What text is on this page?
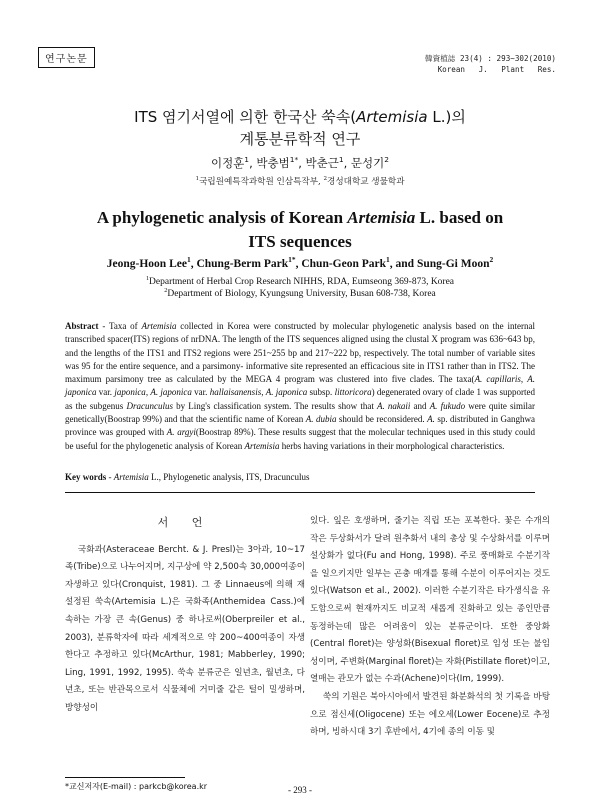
연구논문	韓資植誌 23(4) : 293~302(2010)
Korean J. Plant Res.
ITS 염기서열에 의한 한국산 쑥속(Artemisia L.)의
계통분류학적 연구
이정훈$^1$, 박충범$^{1*}$, 박춘근$^1$, 문성기$^2$
$^1$국립원예특작과학원 인삼특작부, $^2$경성대학교 생물학과
A phylogenetic analysis of Korean Artemisia L. based on
ITS sequences
Jeong-Hoon Lee$^1$, Chung-Berm Park$^{1*}$, Chun-Geon Park$^1$, and Sung-Gi Moon$^2$
$^1$Department of Herbal Crop Research NIHHS, RDA, Eumseong 369-873, Korea
$^2$Department of Biology, Kyungsung University, Busan 608-738, Korea
Abstract - Taxa of Artemisia collected in Korea were constructed by molecular phylogenetic analysis based on the internal transcribed spacer(ITS) regions of nrDNA. The length of the ITS sequences aligned using the clustal X program was 636~643 bp, and the lengths of the ITS1 and ITS2 regions were 251~255 bp and 217~222 bp, respectively. The total number of variable sites was 95 for the entire sequence, and a parsimony- informative site represented an efficacious site in ITS1 rather than in ITS2. The maximum parsimony tree as calculated by the MEGA 4 program was clustered into five clades. The taxa(A. capillaris, A. japonica var. japonica, A. japonica var. hallaisanensis, A. japonica subsp. littoricora) degenerated ovary of clade 1 was supported as the subgenus Dracunculus by Ling's classification system. The results show that A. nakaii and A. fukudo were quite similar genetically(Boostrap 99%) and that the scientific name of Korean A. dubia should be reconsidered. A. sp. distributed in Ganghwa province was grouped with A. argyi(Boostrap 89%). These results suggest that the molecular techniques used in this study could be useful for the phylogenetic analysis of Korean Artemisia herbs having variations in their morphological characteristics.
Key words - Artemisia L., Phylogenetic analysis, ITS, Dracunculus
서 언

국화과(Asteraceae Bercht. & J. Presl)는 3아과, 10~17족(Tribe)으로 나누어지며, 지구상에 약 2,500속 30,000여종이 자생하고 있다(Cronquist, 1981). 그 중 Linnaeus에 의해 재설정된 쑥속(Artemisia L.)은 국화족(Anthemidea Cass.)에 속하는 가장 큰 속(Genus) 중 하나로써(Oberpreiler et al., 2003), 분류학자에 따라 세계적으로 약 200~400여종이 자생한다고 추정하고 있다(McArthur, 1981; Mabberley, 1990; Ling, 1991, 1992, 1995). 쑥속 분류군은 일년초, 월년초, 다년초, 또는 반관목으로서 식물체에 거미줄 같은 털이 밀생하며, 방향성이

있다. 잎은 호생하며, 줄기는 직립 또는 포복한다. 꽃은 수개의 작은 두상화서가 달려 원추화서 내의 총상 및 수상화서를 이루며 설상화가 없다(Fu and Hong, 1998). 주로 풍매화로 수분기작을 일으키지만 일부는 곤충 매개를 통해 수분이 이루어지는 것도 있다(Watson et al., 2002). 이러한 수분기작은 타가생식을 유도함으로써 현재까지도 비교적 새롭게 진화하고 있는 종인만큼 동정하는데 많은 어려움이 있는 분류군이다. 또한 중앙화(Central floret)는 양성화(Bisexual floret)로 임성 또는 불임성이며, 주변화(Marginal floret)는 자화(Pistillate floret)이고, 열매는 관모가 없는 수과(Achene)이다(Im, 1999).

쑥의 기원은 북아시아에서 발견된 화분화석의 첫 기록을 바탕으로 점신세(Oligocene) 또는 에오세(Lower Eocene)로 추정하며, 빙하시대 3기 후반에서, 4기에 종의 이동 및

*교신저자(E-mail) : parkcb@korea.kr	- 293 -
